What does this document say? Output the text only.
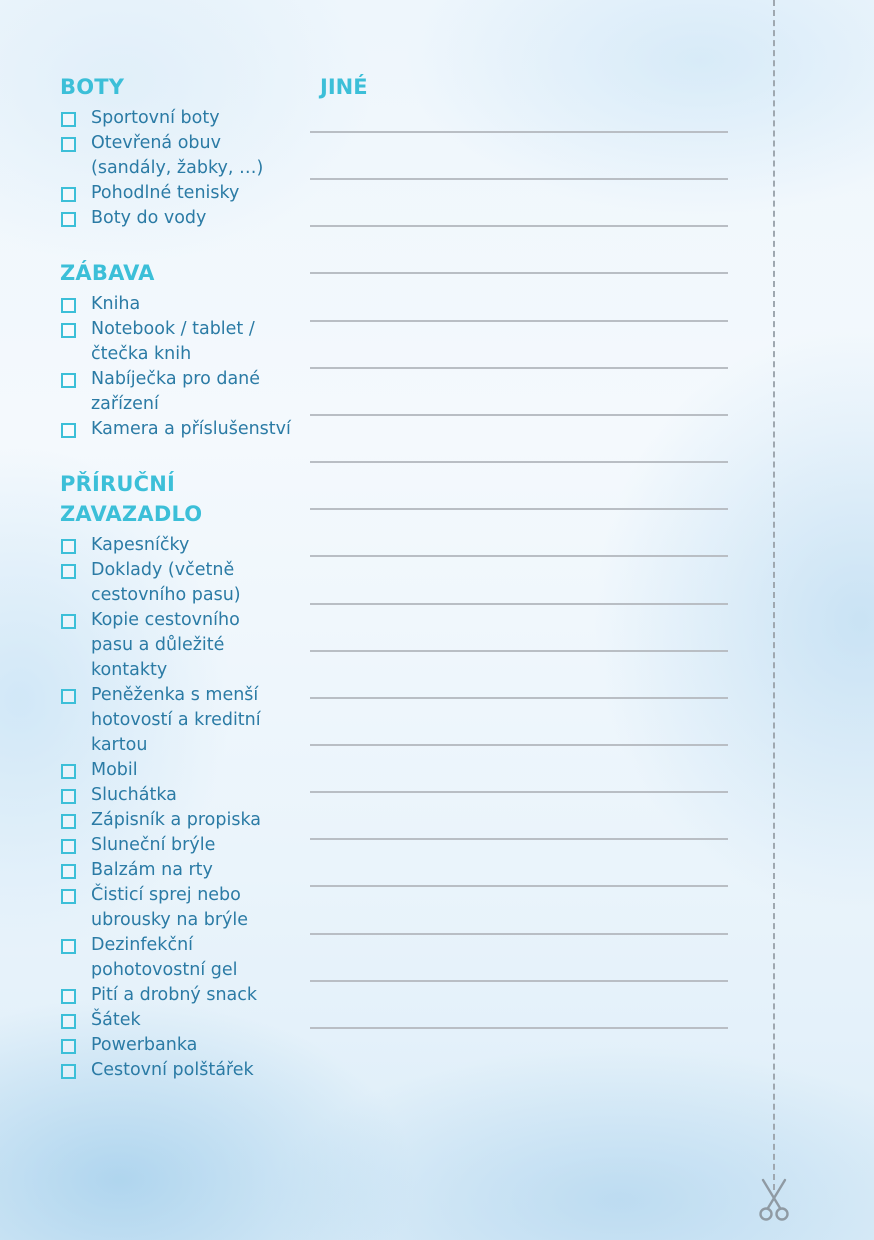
BOTY
Sportovní boty
Otevřená obuv (sandály, žabky, …)
Pohodlné tenisky
Boty do vody
ZÁBAVA
Kniha
Notebook / tablet / čtečka knih
Nabíječka pro dané zařízení
Kamera a příslušenství
PŘÍRUČNÍ
ZAVAZADLO
Kapesníčky
Doklady (včetně cestovního pasu)
Kopie cestovního pasu a důležité kontakty
Peněženka s menší hotovostí a kreditní kartou
Mobil
Sluchátka
Zápisník a propiska
Sluneční brýle
Balzám na rty
Čisticí sprej nebo ubrousky na brýle
Dezinfekční pohotovostní gel
Pití a drobný snack
Šátek
Powerbanka
Cestovní polštářek
JINÉ
